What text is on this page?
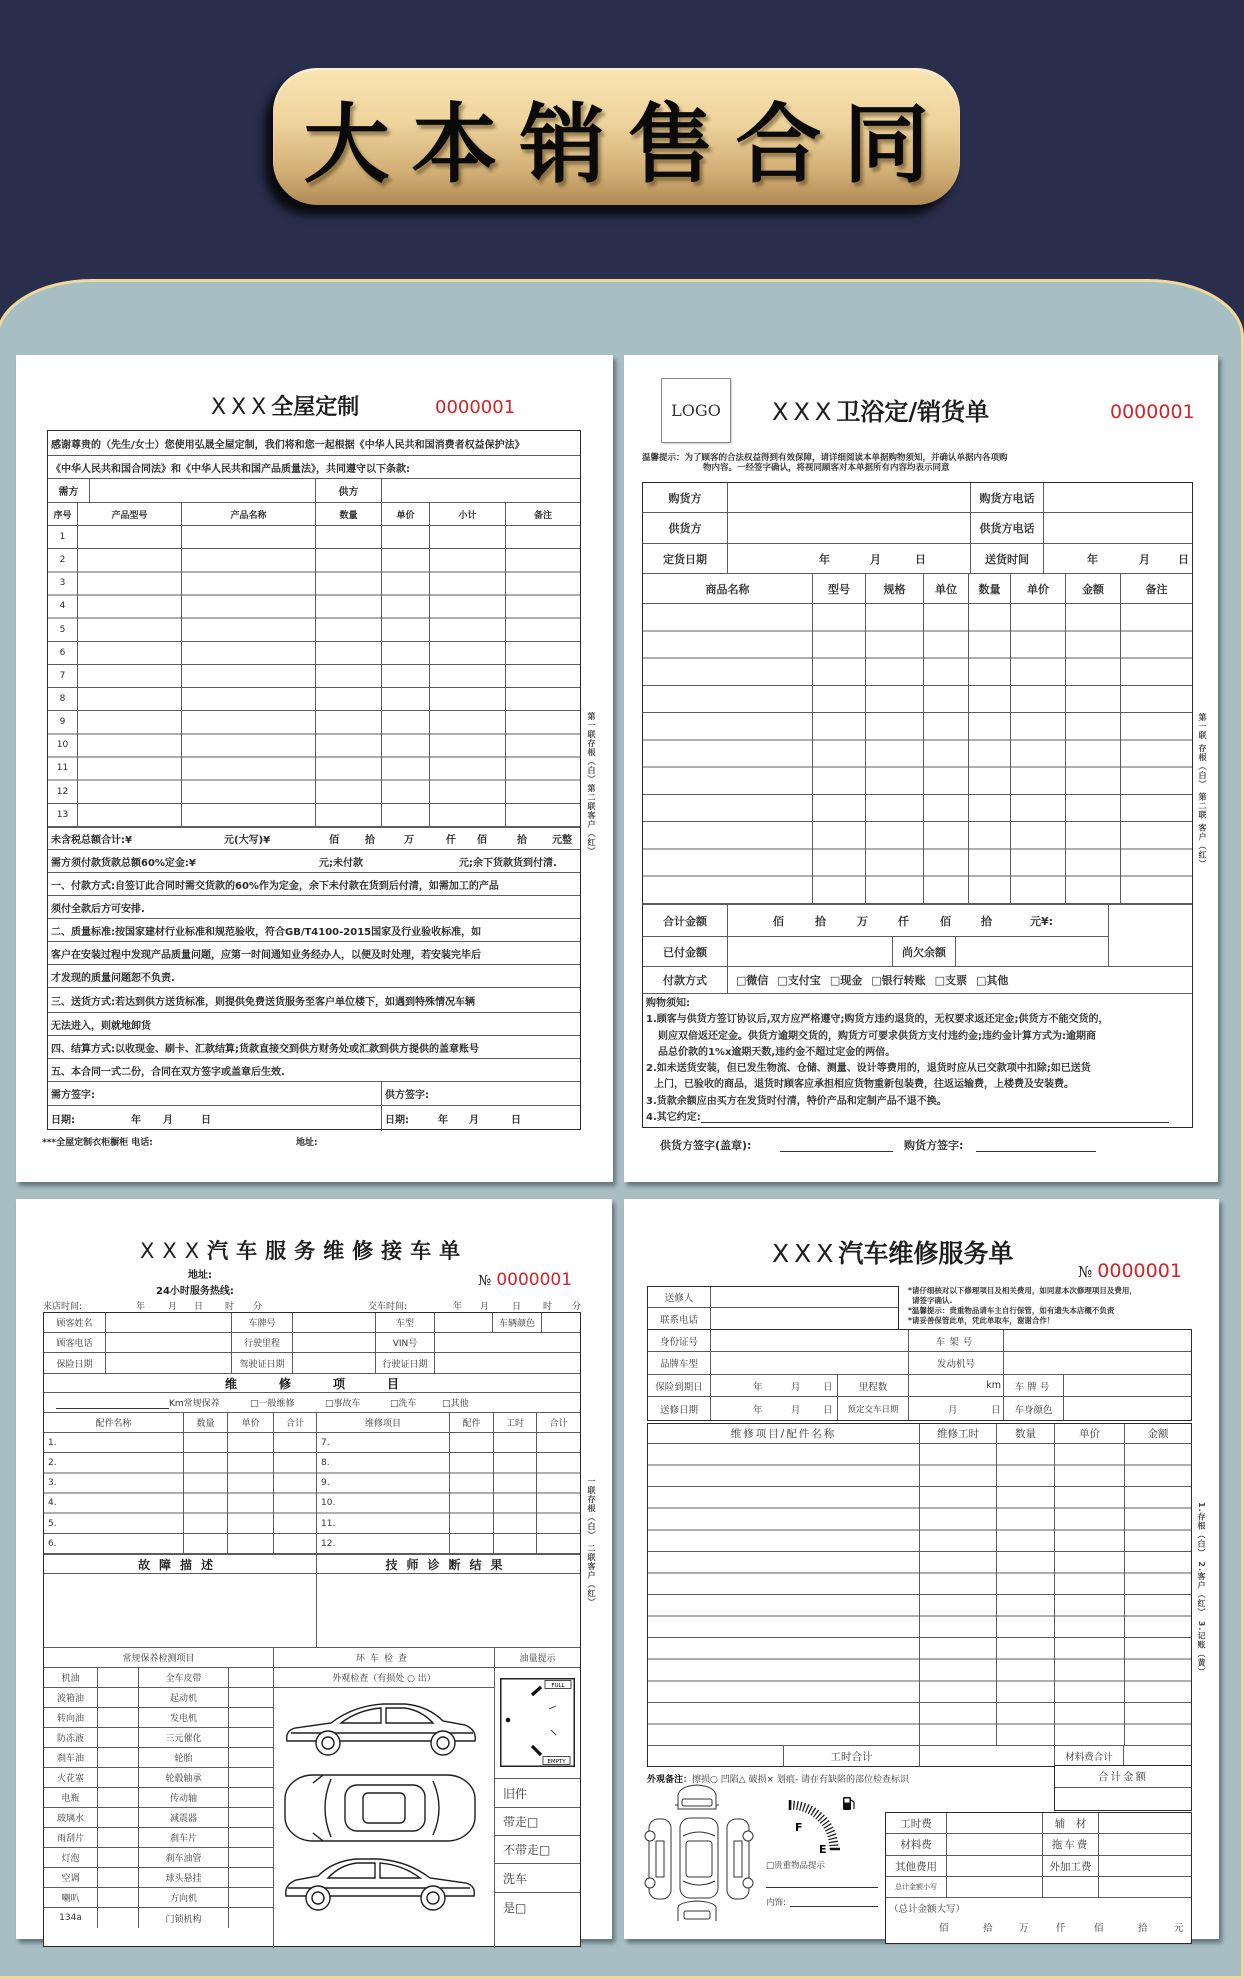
大本销售合同
XXX全屋定制	0000001
感谢尊贵的（先生/女士）您使用弘晟全屋定制，我们将和您一起根据《中华人民共和国消费者权益保护法》
《中华人民共和国合同法》和《中华人民共和国产品质量法》，共同遵守以下条款:
需方	供方
序号	产品型号	产品名称	数量	单价	小计	备注
1
2
3
4
5
6
7
8
9
10
11
12
13
未含税总额合计:¥	元(大写)¥	佰	拾	万	仟 佰	拾	元整
需方须付款货款总额60%定金:¥	元;未付款	元;余下货款货到付清.
一、付款方式:自签订此合同时需交货款的60%作为定金，余下未付款在货到后付清，如需加工的产品
须付全款后方可安排.
二、质量标准:按国家建材行业标准和规范验收，符合GB/T4100-2015国家及行业验收标准，如
客户在安装过程中发现产品质量问题，应第一时间通知业务经办人，以便及时处理，若安装完毕后
才发现的质量问题恕不负责.
三、送货方式:若达到供方送货标准，则提供免费送货服务至客户单位楼下，如遇到特殊情况车辆
无法进入，则就地卸货
四、结算方式:以收现金、刷卡、汇款结算;货款直接交到供方财务处或汇款到供方提供的盖章账号
五、本合同一式二份，合同在双方签字或盖章后生效.
需方签字:	供方签字:
日期:	年 月	日	日期:	年 月	日
***全屋定制衣柜橱柜 电话:	地址:
第一联存根（白）第二联客户（红）
LOGO	XXX卫浴定/销货单	0000001
温馨提示：为了顾客的合法权益得到有效保障，请详细阅读本单据购物须知，并确认单据内各项购
物内容。一经签字确认，将视同顾客对本单据所有内容均表示同意
购货方	购货方电话
供货方	供货方电话
定货日期	年	月	日	送货时间	年	月	日
商品名称	型号	规格	单位	数量	单价	金额	备注
合计金额	佰	拾	万	仟	佰	拾	元¥:
已付金额	尚欠余额
付款方式	□微信 □支付宝 □现金 □银行转账 □支票 □其他
购物须知:
1.顾客与供货方签订协议后,双方应严格遵守;购货方违约退货的，无权要求返还定金;供货方不能交货的，
则应双倍返还定金。供货方逾期交货的，购货方可要求供货方支付违约金;违约金计算方式为:逾期商
品总价款的1%x逾期天数,违约金不超过定金的两倍。
2.如未送货安装，但已发生物流、仓储、测量、设计等费用的，退货时应从已交款项中扣除;如已送货
上门，已验收的商品，退货时顾客应承担相应货物重新包装费，往返运输费，上楼费及安装费。
3.货款余额应由买方在发货时付清，特价产品和定制产品不退不换。
4.其它约定:
供货方签字(盖章):	购货方签字:
第一联 存根（白） 第二联 客户（红）
XXX汽车服务维修接车单
地址:
24小时服务热线:
№ 0000001
来店时间:	年	月 日 时 分	交车时间:	年 月	日 时 分
顾客姓名	车牌号	车型	车辆颜色
顾客电话	行驶里程	VIN号
保险日期	驾驶证日期	行驶证日期
维修项目
Km常规保养	□一般维修	□事故车	□洗车	□其他
配件名称	数量	单价	合计	维修项目	配件	工时	合计
1.
2.
3.
4.
5.
6.
7.
8.
9.
10.
11.
12.
故障描述	技师诊断结果
常规保养检测项目
机油	全车皮带
波箱油	起动机
转向油	发电机
防冻液	三元催化
刹车油	轮胎
火花塞	轮毂轴承
电瓶	传动轴
玻璃水	减震器
雨刮片	刹车片
灯泡	刹车油管
空调	球头悬挂
喇叭	方向机
134a	门锁机构
环车检查
外观检查（有损处 ○ 出）
油量提示
旧件
带走□
不带走□
洗车
是□
FULL
EMPTY
一联存根（白） 二联客户（红）
XXX汽车维修服务单
№ 0000001
送修人
联系电话
*请仔细核对以下修理项目及相关费用，如同意本次修理项目及费用，
请签字确认.
*温馨提示：贵重物品请车主自行保管，如有遗失本店概不负责
*请妥善保管此单，凭此单取车，谢谢合作！
身份证号	车架号
品牌车型	发动机号
保险到期日	年	月 日	里程数	km	车牌号
送修日期	年	月 日	预定交车日期	月	日	车身颜色
维修项目/配件名称	维修工时	数量	单价	金额
工时合计	材料费合计
合计金额
外观备注：擦损○ 凹陷△ 破损× 划痕- 请在有缺陷的部位检查标识
F
E
□贵重物品提示
内饰:
工时费	辅　材
材料费	拖车费
其他费用	外加工费
总计金额小写
（总计金额大写）
佰	拾	万	仟	佰	拾	元
1.存根（白） 2.客户（红） 3.记账（黄）
